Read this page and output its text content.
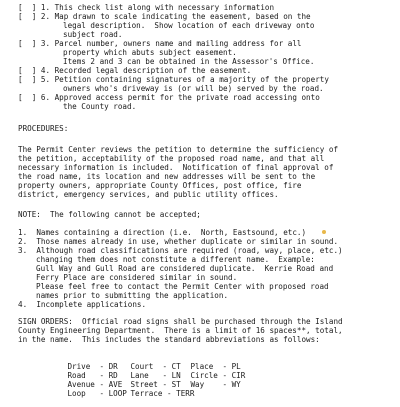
[  ] 1. This check list along with necessary information
[  ] 2. Map drawn to scale indicating the easement, based on the
legal description.  Show location of each driveway onto
subject road.
[  ] 3. Parcel number, owners name and mailing address for all
property which abuts subject easement.
Items 2 and 3 can be obtained in the Assessor's Office.
[  ] 4. Recorded legal description of the easement.
[  ] 5. Petition containing signatures of a majority of the property
owners who's driveway is (or will be) served by the road.
[  ] 6. Approved access permit for the private road accessing onto
the County road.
PROCEDURES:
The Permit Center reviews the petition to determine the sufficiency of
the petition, acceptability of the proposed road name, and that all
necessary information is included.  Notification of final approval of
the road name, its location and new addresses will be sent to the
property owners, appropriate County Offices, post office, fire
district, emergency services, and public utility offices.
NOTE:  The following cannot be accepted;
1. Names containing a direction (i.e.  North, Eastsound, etc.)
2. Those names already in use, whether duplicate or similar in sound.
3. Although road classifications are required (road, way, place, etc.)
changing them does not constitute a different name.  Example:
Gull Way and Gull Road are considered duplicate.  Kerrie Road and
Ferry Place are considered similar in sound.
Please feel free to contact the Permit Center with proposed road
names prior to submitting the application.
4. Incomplete applications.
SIGN ORDERS:  Official road signs shall be purchased through the Island
County Engineering Department.  There is a limit of 16 spaces**, total,
in the name.  This includes the standard abbreviations as follows:

Drive  - DR Court  - CT Place  - PL

Road   - RD Lane   - LN Circle - CIR

Avenue - AVE Street - ST Way    - WY

Loop   - LOOP Terrace - TERR
